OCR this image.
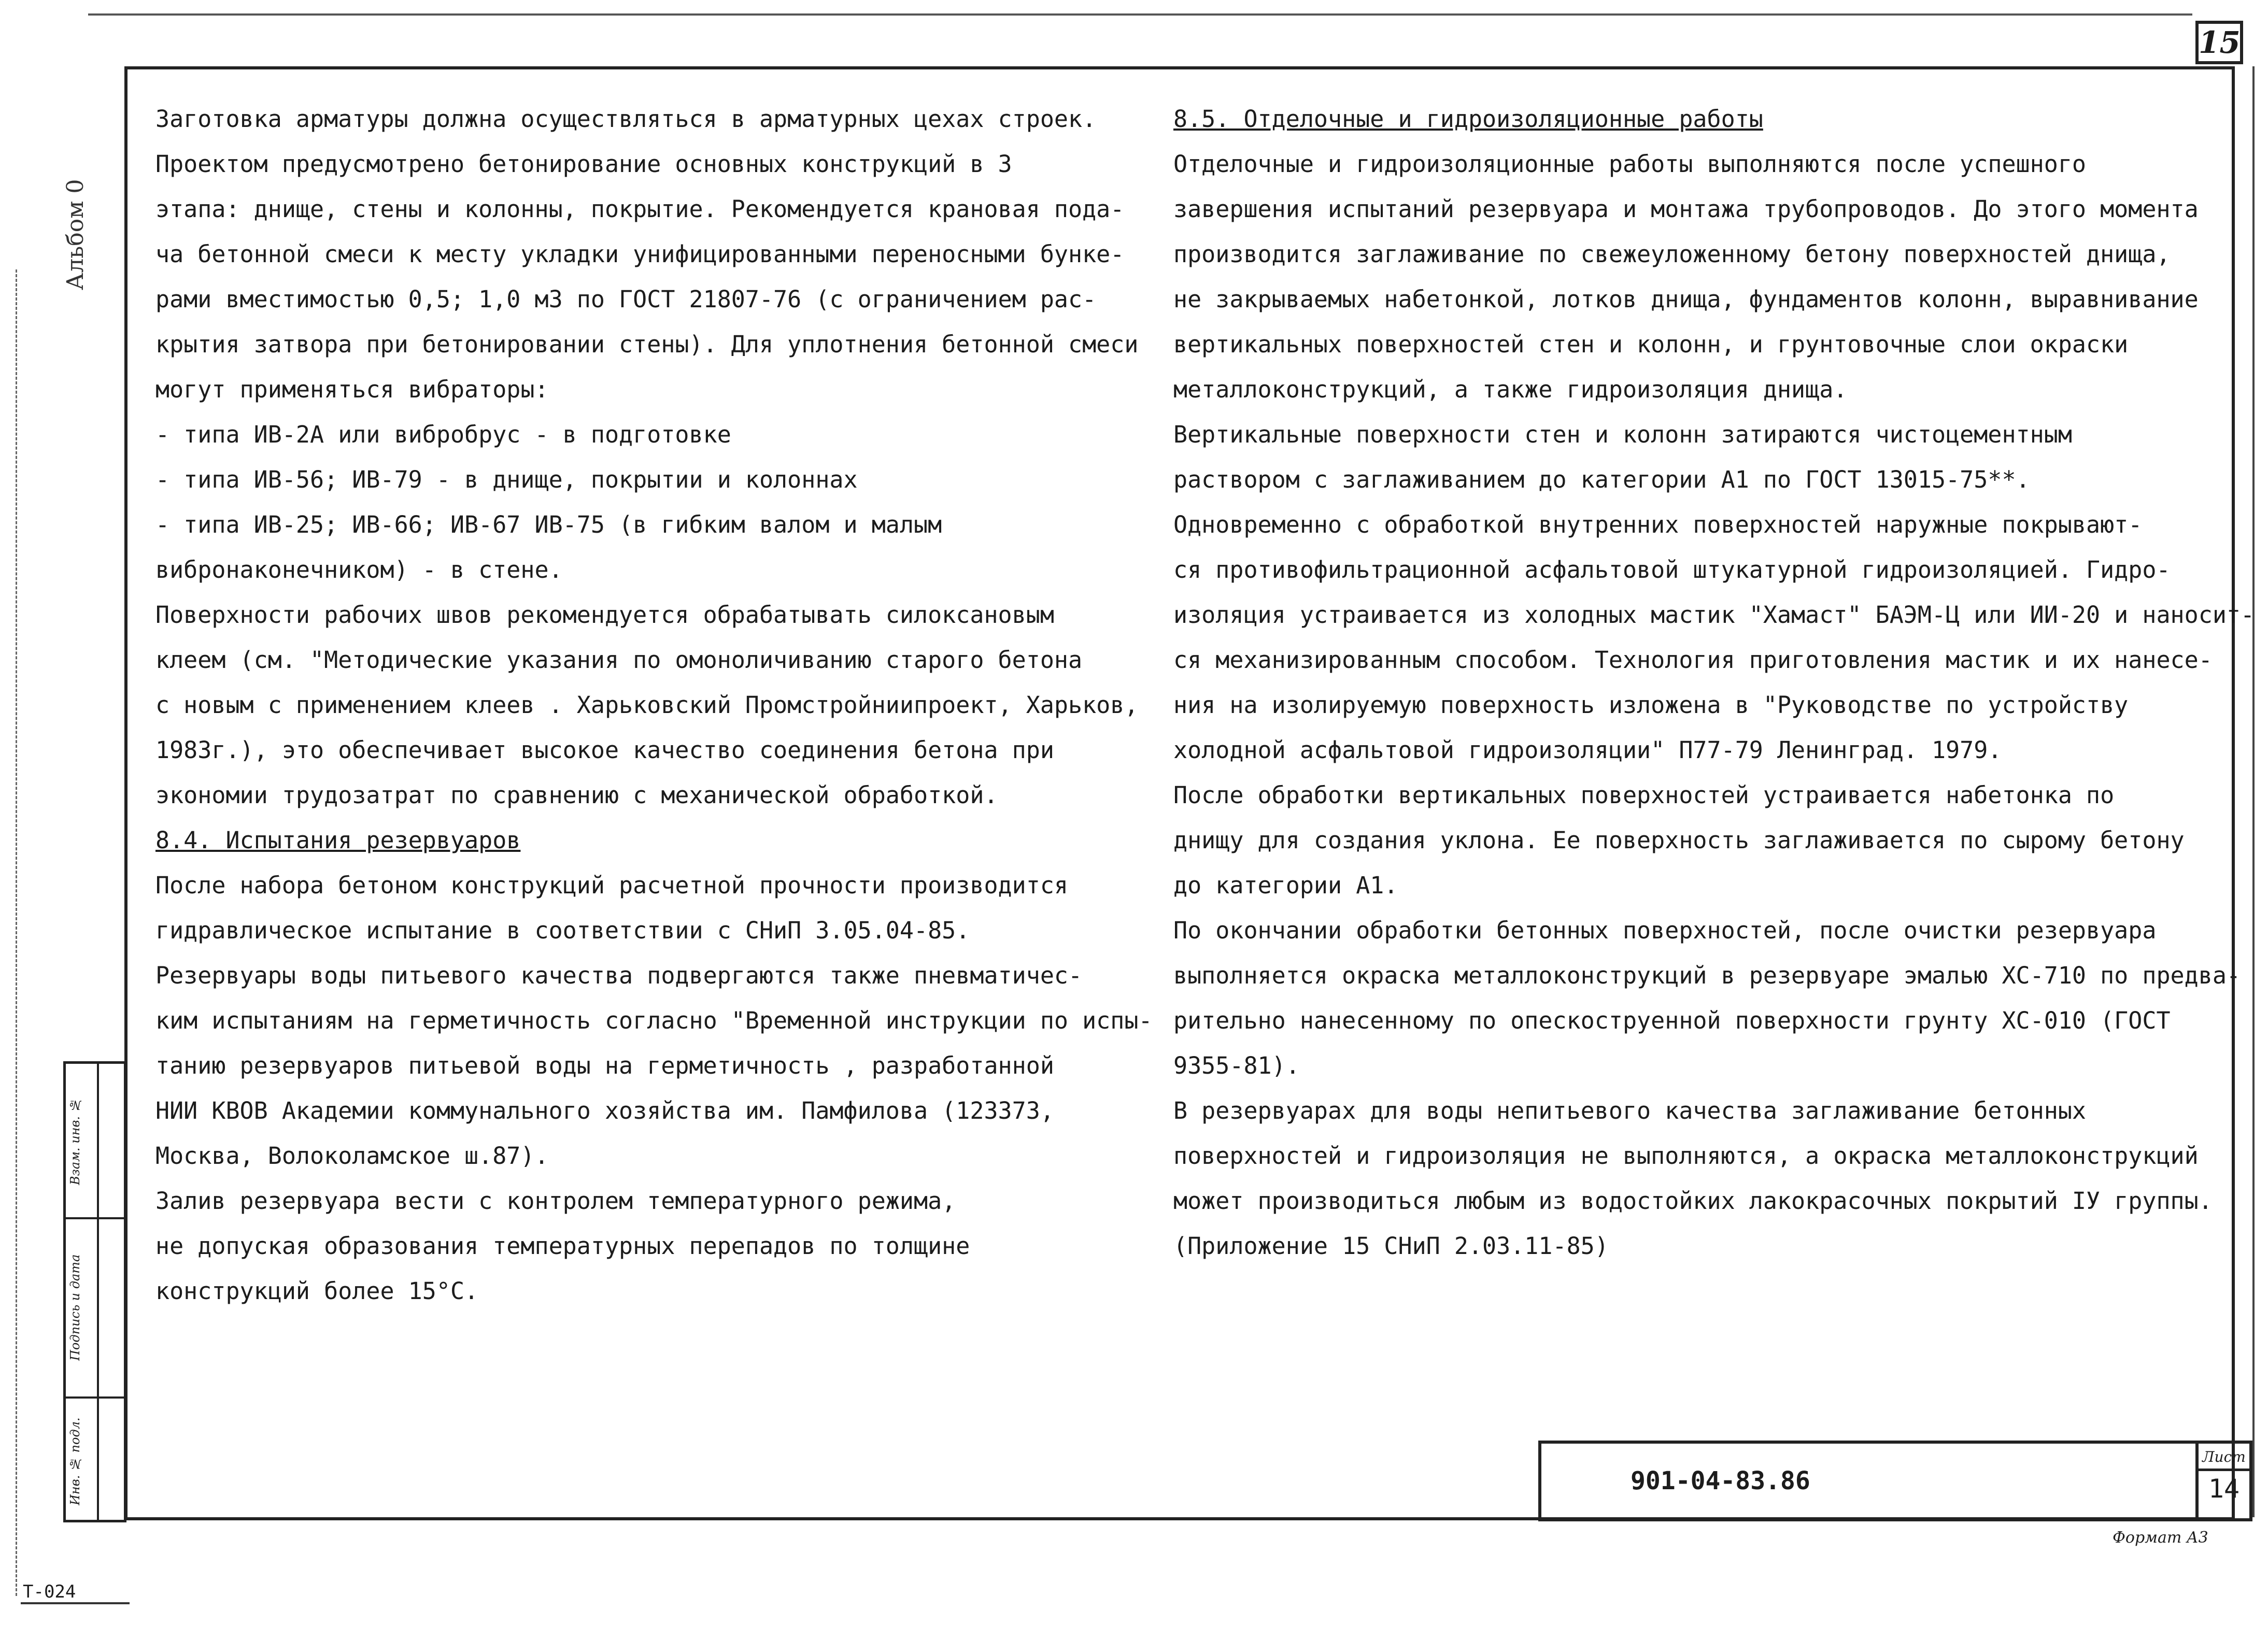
15
Альбом 0
Взам. инв. №
Подпись и дата
Инв. № подл.
Заготовка арматуры должна осуществляться в арматурных цехах строек.
Проектом предусмотрено бетонирование основных конструкций в 3
этапа: днище, стены и колонны, покрытие. Рекомендуется крановая пода-
ча бетонной смеси к месту укладки унифицированными переносными бунке-
рами вместимостью 0,5; 1,0 м3 по ГОСТ 21807-76 (с ограничением рас-
крытия затвора при бетонировании стены). Для уплотнения бетонной смеси
могут применяться вибраторы:
- типа ИВ-2А или вибробрус - в подготовке
- типа ИВ-56; ИВ-79 - в днище, покрытии и колоннах
- типа ИВ-25; ИВ-66; ИВ-67 ИВ-75 (в гибким валом и малым
вибронаконечником) - в стене.
Поверхности рабочих швов рекомендуется обрабатывать силоксановым
клеем (см. "Методические указания по омоноличиванию старого бетона
с новым с применением клеев . Харьковский Промстройниипроект, Харьков,
1983г.), это обеспечивает высокое качество соединения бетона при
экономии трудозатрат по сравнению с механической обработкой.
8.4. Испытания резервуаров
После набора бетоном конструкций расчетной прочности производится
гидравлическое испытание в соответствии с СНиП 3.05.04-85.
Резервуары воды питьевого качества подвергаются также пневматичес-
ким испытаниям на герметичность согласно "Временной инструкции по испы-
танию резервуаров питьевой воды на герметичность , разработанной
НИИ КВОВ Академии коммунального хозяйства им. Памфилова (123373,
Москва, Волоколамское ш.87).
Залив резервуара вести с контролем температурного режима,
не допуская образования температурных перепадов по толщине
конструкций более 15°С.
8.5. Отделочные и гидроизоляционные работы
Отделочные и гидроизоляционные работы выполняются после успешного
завершения испытаний резервуара и монтажа трубопроводов. До этого момента
производится заглаживание по свежеуложенному бетону поверхностей днища,
не закрываемых набетонкой, лотков днища, фундаментов колонн, выравнивание
вертикальных поверхностей стен и колонн, и грунтовочные слои окраски
металлоконструкций, а также гидроизоляция днища.
Вертикальные поверхности стен и колонн затираются чистоцементным
раствором с заглаживанием до категории А1 по ГОСТ 13015-75**.
Одновременно с обработкой внутренних поверхностей наружные покрывают-
ся противофильтрационной асфальтовой штукатурной гидроизоляцией. Гидро-
изоляция устраивается из холодных мастик "Хамаст" БАЭМ-Ц или ИИ-20 и наносит-
ся механизированным способом. Технология приготовления мастик и их нанесе-
ния на изолируемую поверхность изложена в "Руководстве по устройству
холодной асфальтовой гидроизоляции" П77-79 Ленинград. 1979.
После обработки вертикальных поверхностей устраивается набетонка по
днищу для создания уклона. Ее поверхность заглаживается по сырому бетону
до категории А1.
По окончании обработки бетонных поверхностей, после очистки резервуара
выполняется окраска металлоконструкций в резервуаре эмалью ХС-710 по предва-
рительно нанесенному по опескоструенной поверхности грунту ХС-010 (ГОСТ
9355-81).
В резервуарах для воды непитьевого качества заглаживание бетонных
поверхностей и гидроизоляция не выполняются, а окраска металлоконструкций
может производиться любым из водостойких лакокрасочных покрытий IУ группы.
(Приложение 15 СНиП 2.03.11-85)
901-04-83.86
Лист
14
Формат А3
Т-024
